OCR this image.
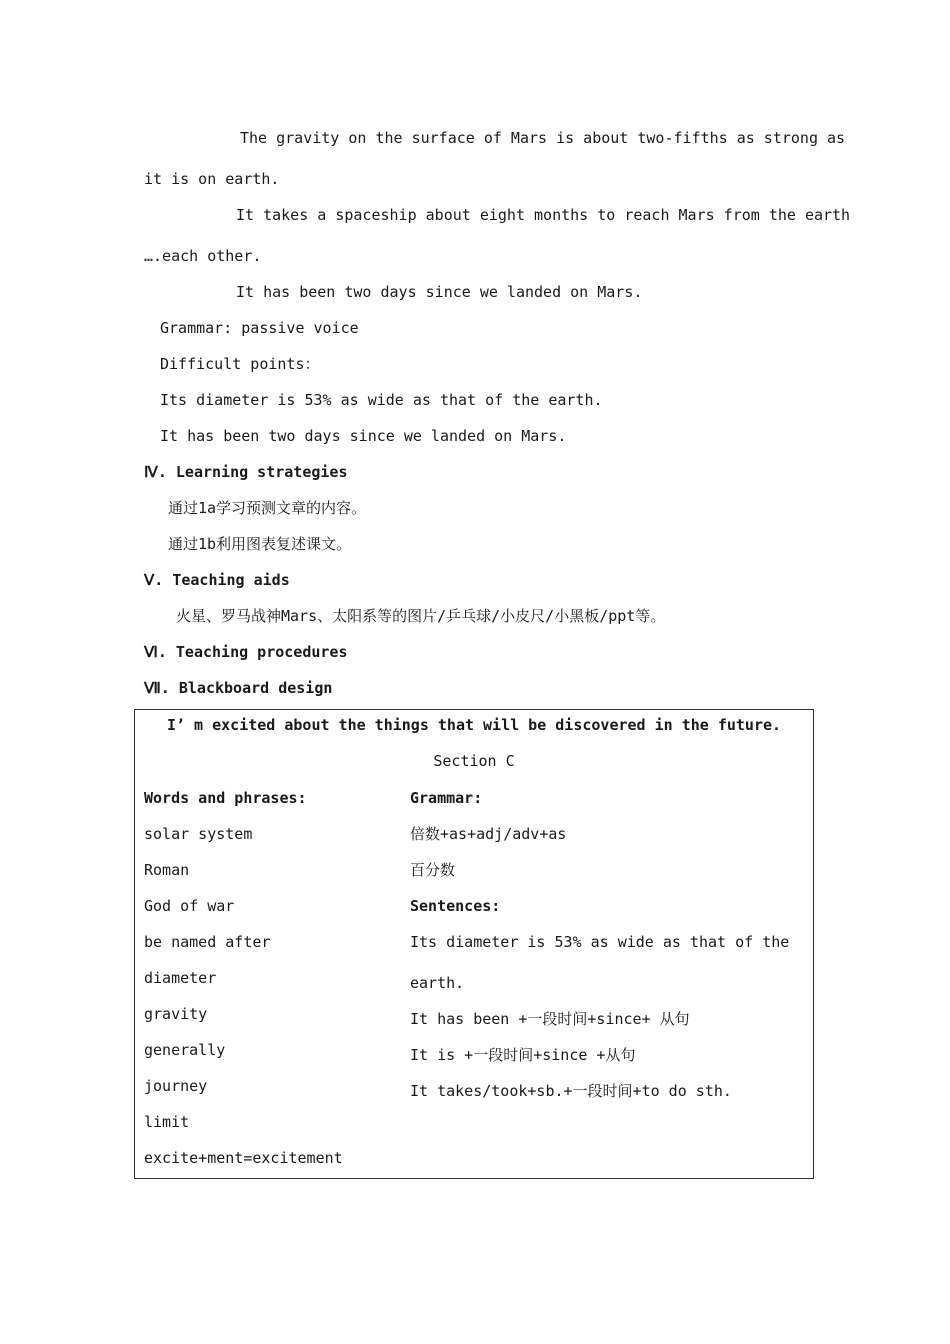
The gravity on the surface of Mars is about two-fifths as strong as
it is on earth.
It takes a spaceship about eight months to reach Mars from the earth
….each other.
It has been two days since we landed on Mars.
Grammar: passive voice
Difficult points：
Its diameter is 53% as wide as that of the earth.
It has been two days since we landed on Mars.
Ⅳ. Learning strategies
通过1a学习预测文章的内容。
通过1b利用图表复述课文。
Ⅴ. Teaching aids
火星、罗马战神Mars、太阳系等的图片/乒乓球/小皮尺/小黑板/ppt等。
Ⅵ. Teaching procedures
Ⅶ. Blackboard design
I’ m excited about the things that will be discovered in the future.
Section C
Words and phrases:
solar system
Roman
God of war
be named after
diameter
gravity
generally
journey
limit
excite+ment=excitement
Grammar:
倍数+as+adj/adv+as
百分数
Sentences:
Its diameter is 53% as wide as that of the
earth.
It has been +一段时间+since+ 从句
It is +一段时间+since +从句
It takes/took+sb.+一段时间+to do sth.
